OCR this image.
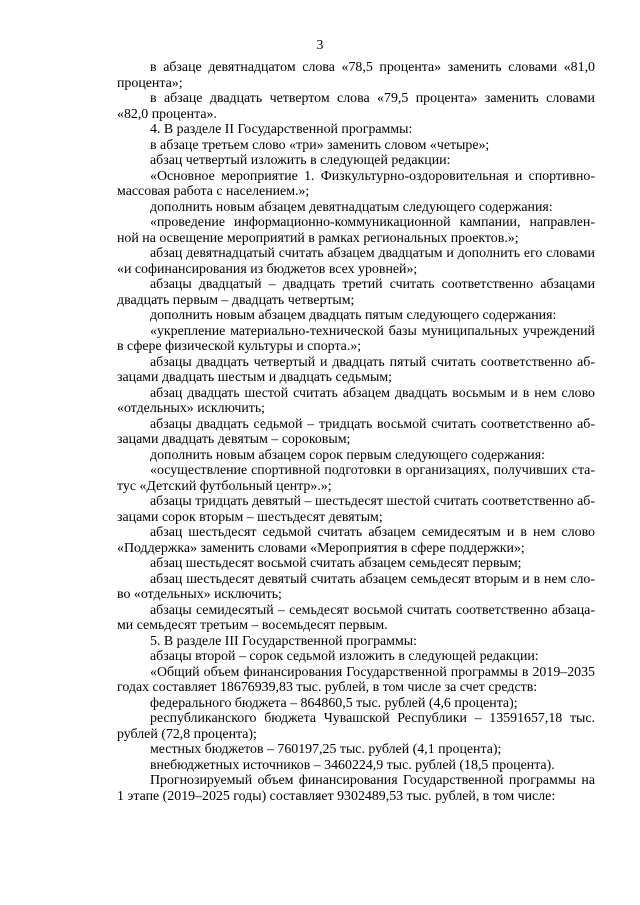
3

в абзаце девятнадцатом слова «78,5 процента» заменить словами «81,0 процента»;

в абзаце двадцать четвертом слова «79,5 процента» заменить словами «82,0 процента».

4. В разделе II Государственной программы:

в абзаце третьем слово «три» заменить словом «четыре»;

абзац четвертый изложить в следующей редакции:

«Основное мероприятие 1. Физкультурно-оздоровительная и спортивно-массовая работа с населением.»;

дополнить новым абзацем девятнадцатым следующего содержания:

«проведение информационно-коммуникационной кампании, направленной на освещение мероприятий в рамках региональных проектов.»;

абзац девятнадцатый считать абзацем двадцатым и дополнить его словами «и софинансирования из бюджетов всех уровней»;

абзацы двадцатый – двадцать третий считать соответственно абзацами двадцать первым – двадцать четвертым;

дополнить новым абзацем двадцать пятым следующего содержания:

«укрепление материально-технической базы муниципальных учреждений в сфере физической культуры и спорта.»;

абзацы двадцать четвертый и двадцать пятый считать соответственно абзацами двадцать шестым и двадцать седьмым;

абзац двадцать шестой считать абзацем двадцать восьмым и в нем слово «отдельных» исключить;

абзацы двадцать седьмой – тридцать восьмой считать соответственно абзацами двадцать девятым – сороковым;

дополнить новым абзацем сорок первым следующего содержания:

«осуществление спортивной подготовки в организациях, получивших статус «Детский футбольный центр».»;

абзацы тридцать девятый – шестьдесят шестой считать соответственно абзацами сорок вторым – шестьдесят девятым;

абзац шестьдесят седьмой считать абзацем семидесятым и в нем слово «Поддержка» заменить словами «Мероприятия в сфере поддержки»;

абзац шестьдесят восьмой считать абзацем семьдесят первым;

абзац шестьдесят девятый считать абзацем семьдесят вторым и в нем слово «отдельных» исключить;

абзацы семидесятый – семьдесят восьмой считать соответственно абзацами семьдесят третьим – восемьдесят первым.

5. В разделе III Государственной программы:

абзацы второй – сорок седьмой изложить в следующей редакции:

«Общий объем финансирования Государственной программы в 2019–2035 годах составляет 18676939,83 тыс. рублей, в том числе за счет средств:

федерального бюджета – 864860,5 тыс. рублей (4,6 процента);

республиканского бюджета Чувашской Республики – 13591657,18 тыс. рублей (72,8 процента);

местных бюджетов – 760197,25 тыс. рублей (4,1 процента);

внебюджетных источников – 3460224,9 тыс. рублей (18,5 процента).

Прогнозируемый объем финансирования Государственной программы на 1 этапе (2019–2025 годы) составляет 9302489,53 тыс. рублей, в том числе:
